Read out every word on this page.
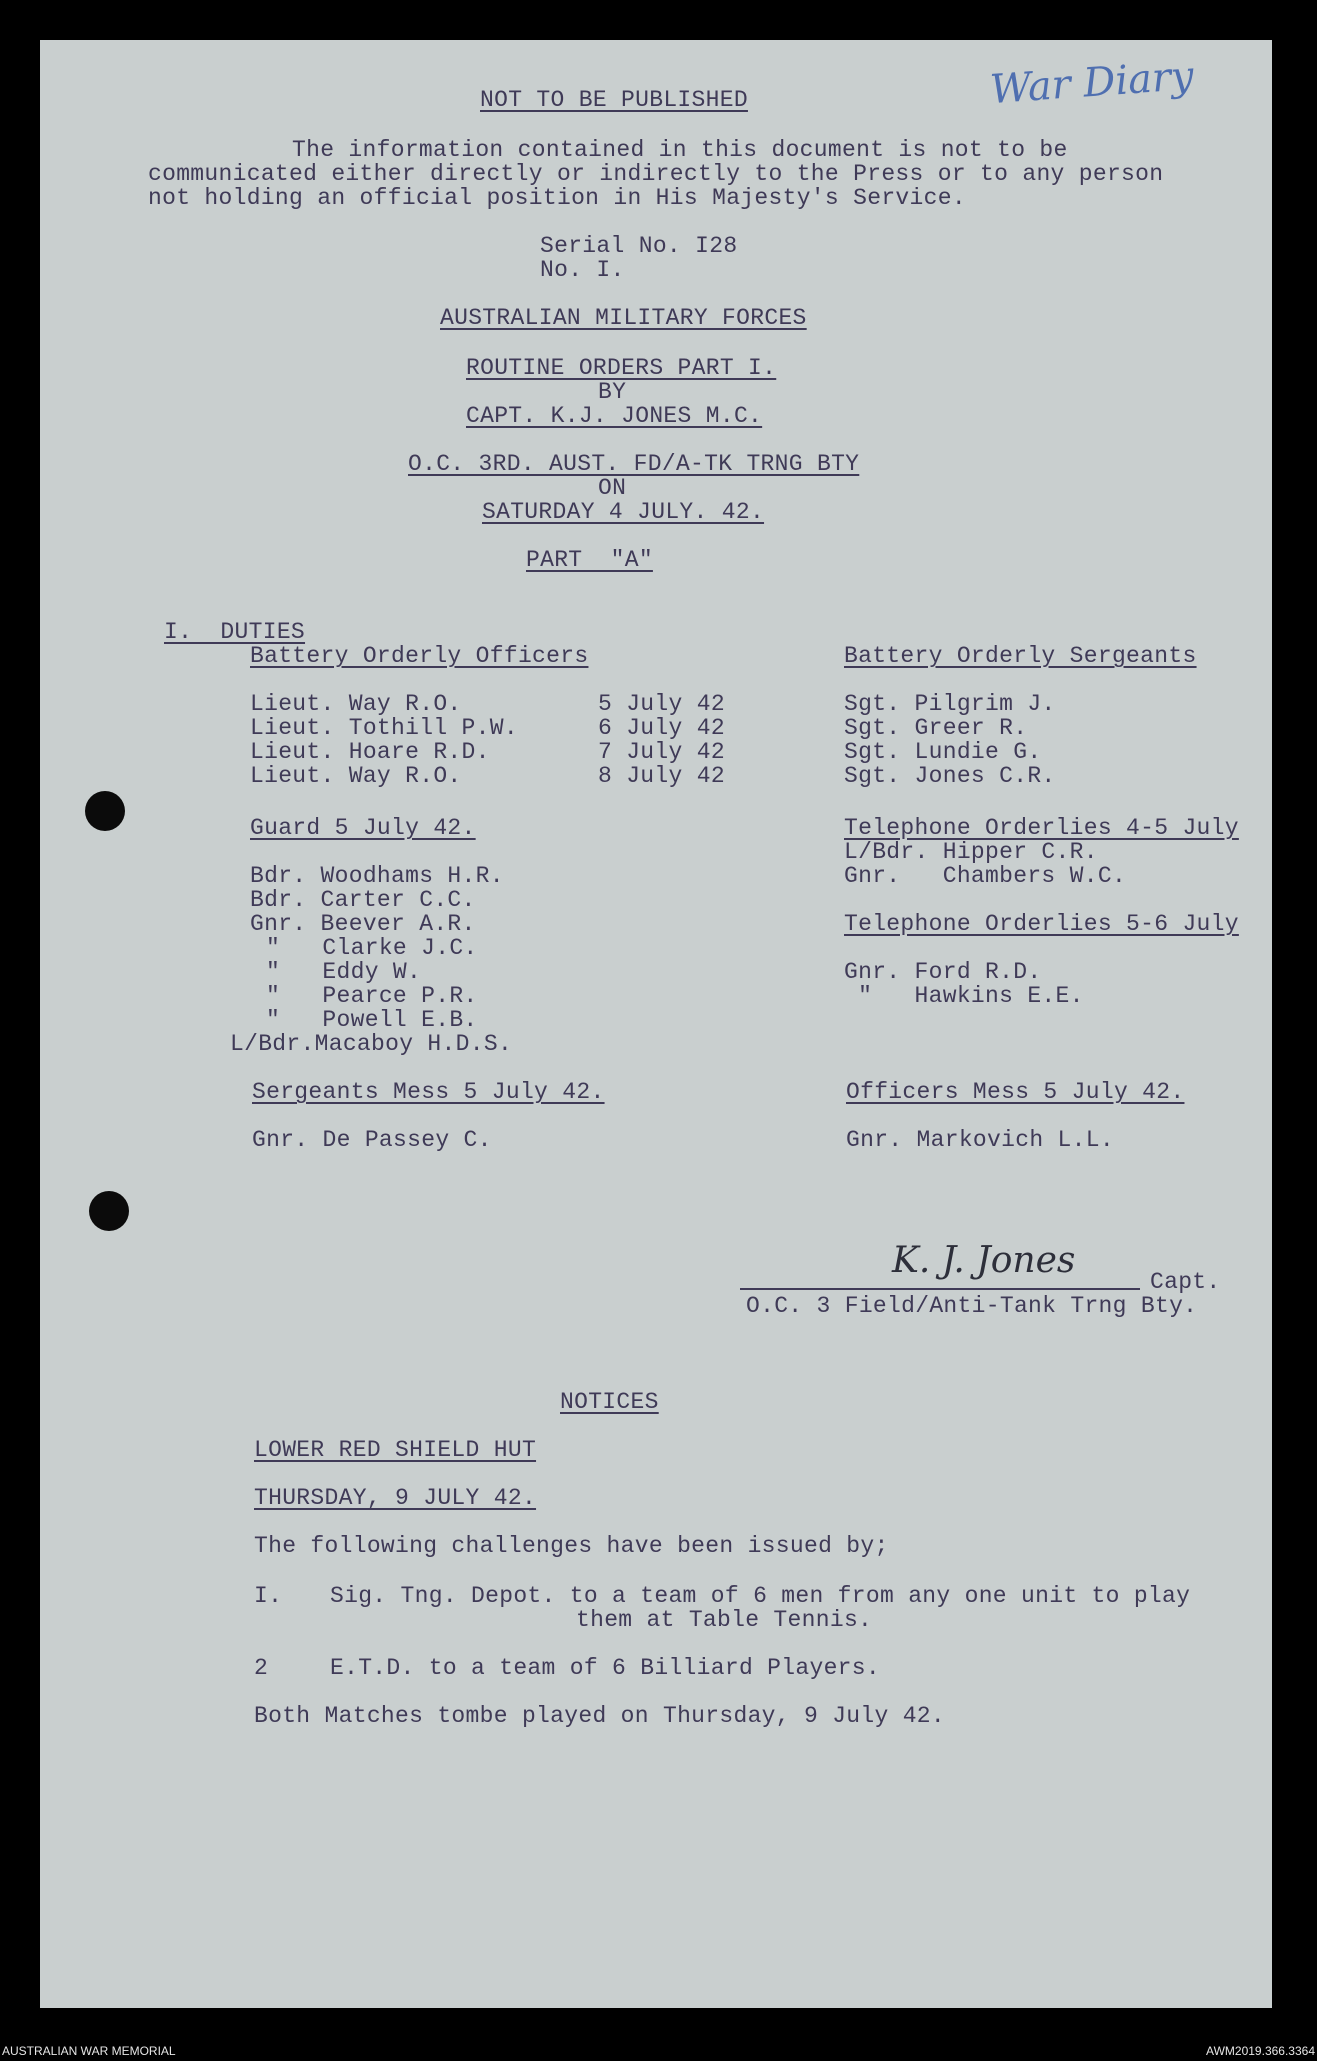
War Diary
NOT TO BE PUBLISHED
The information contained in this document is not to be
communicated either directly or indirectly to the Press or to any person
not holding an official position in His Majesty's Service.
Serial No. I28
No. I.
AUSTRALIAN MILITARY FORCES
ROUTINE ORDERS PART I.
BY
CAPT. K.J. JONES M.C.
O.C. 3RD. AUST. FD/A-TK TRNG BTY
ON
SATURDAY 4 JULY. 42.
PART  "A"
I.  DUTIES
Battery Orderly Officers
Lieut. Way R.O.	5 July 42
Lieut. Tothill P.W.	6 July 42
Lieut. Hoare R.D.	7 July 42
Lieut. Way R.O.	8 July 42
Battery Orderly Sergeants
Sgt. Pilgrim J.
Sgt. Greer R.
Sgt. Lundie G.
Sgt. Jones C.R.
Guard 5 July 42.
Bdr. Woodhams H.R.
Bdr. Carter C.C.
Gnr. Beever A.R.
"   Clarke J.C.
"   Eddy W.
"   Pearce P.R.
"   Powell E.B.
L/Bdr.Macaboy H.D.S.
Telephone Orderlies 4-5 July
L/Bdr. Hipper C.R.
Gnr.   Chambers W.C.
Telephone Orderlies 5-6 July
Gnr. Ford R.D.
"   Hawkins E.E.
Sergeants Mess 5 July 42.
Gnr. De Passey C.
Officers Mess 5 July 42.
Gnr. Markovich L.L.
K. J. Jones
Capt.
O.C. 3 Field/Anti-Tank Trng Bty.
NOTICES
LOWER RED SHIELD HUT
THURSDAY, 9 JULY 42.
The following challenges have been issued by;
I. Sig. Tng. Depot. to a team of 6 men from any one unit to play
them at Table Tennis.
2	E.T.D. to a team of 6 Billiard Players.
Both Matches tombe played on Thursday, 9 July 42.
AUSTRALIAN WAR MEMORIAL	AWM2019.366.3364
